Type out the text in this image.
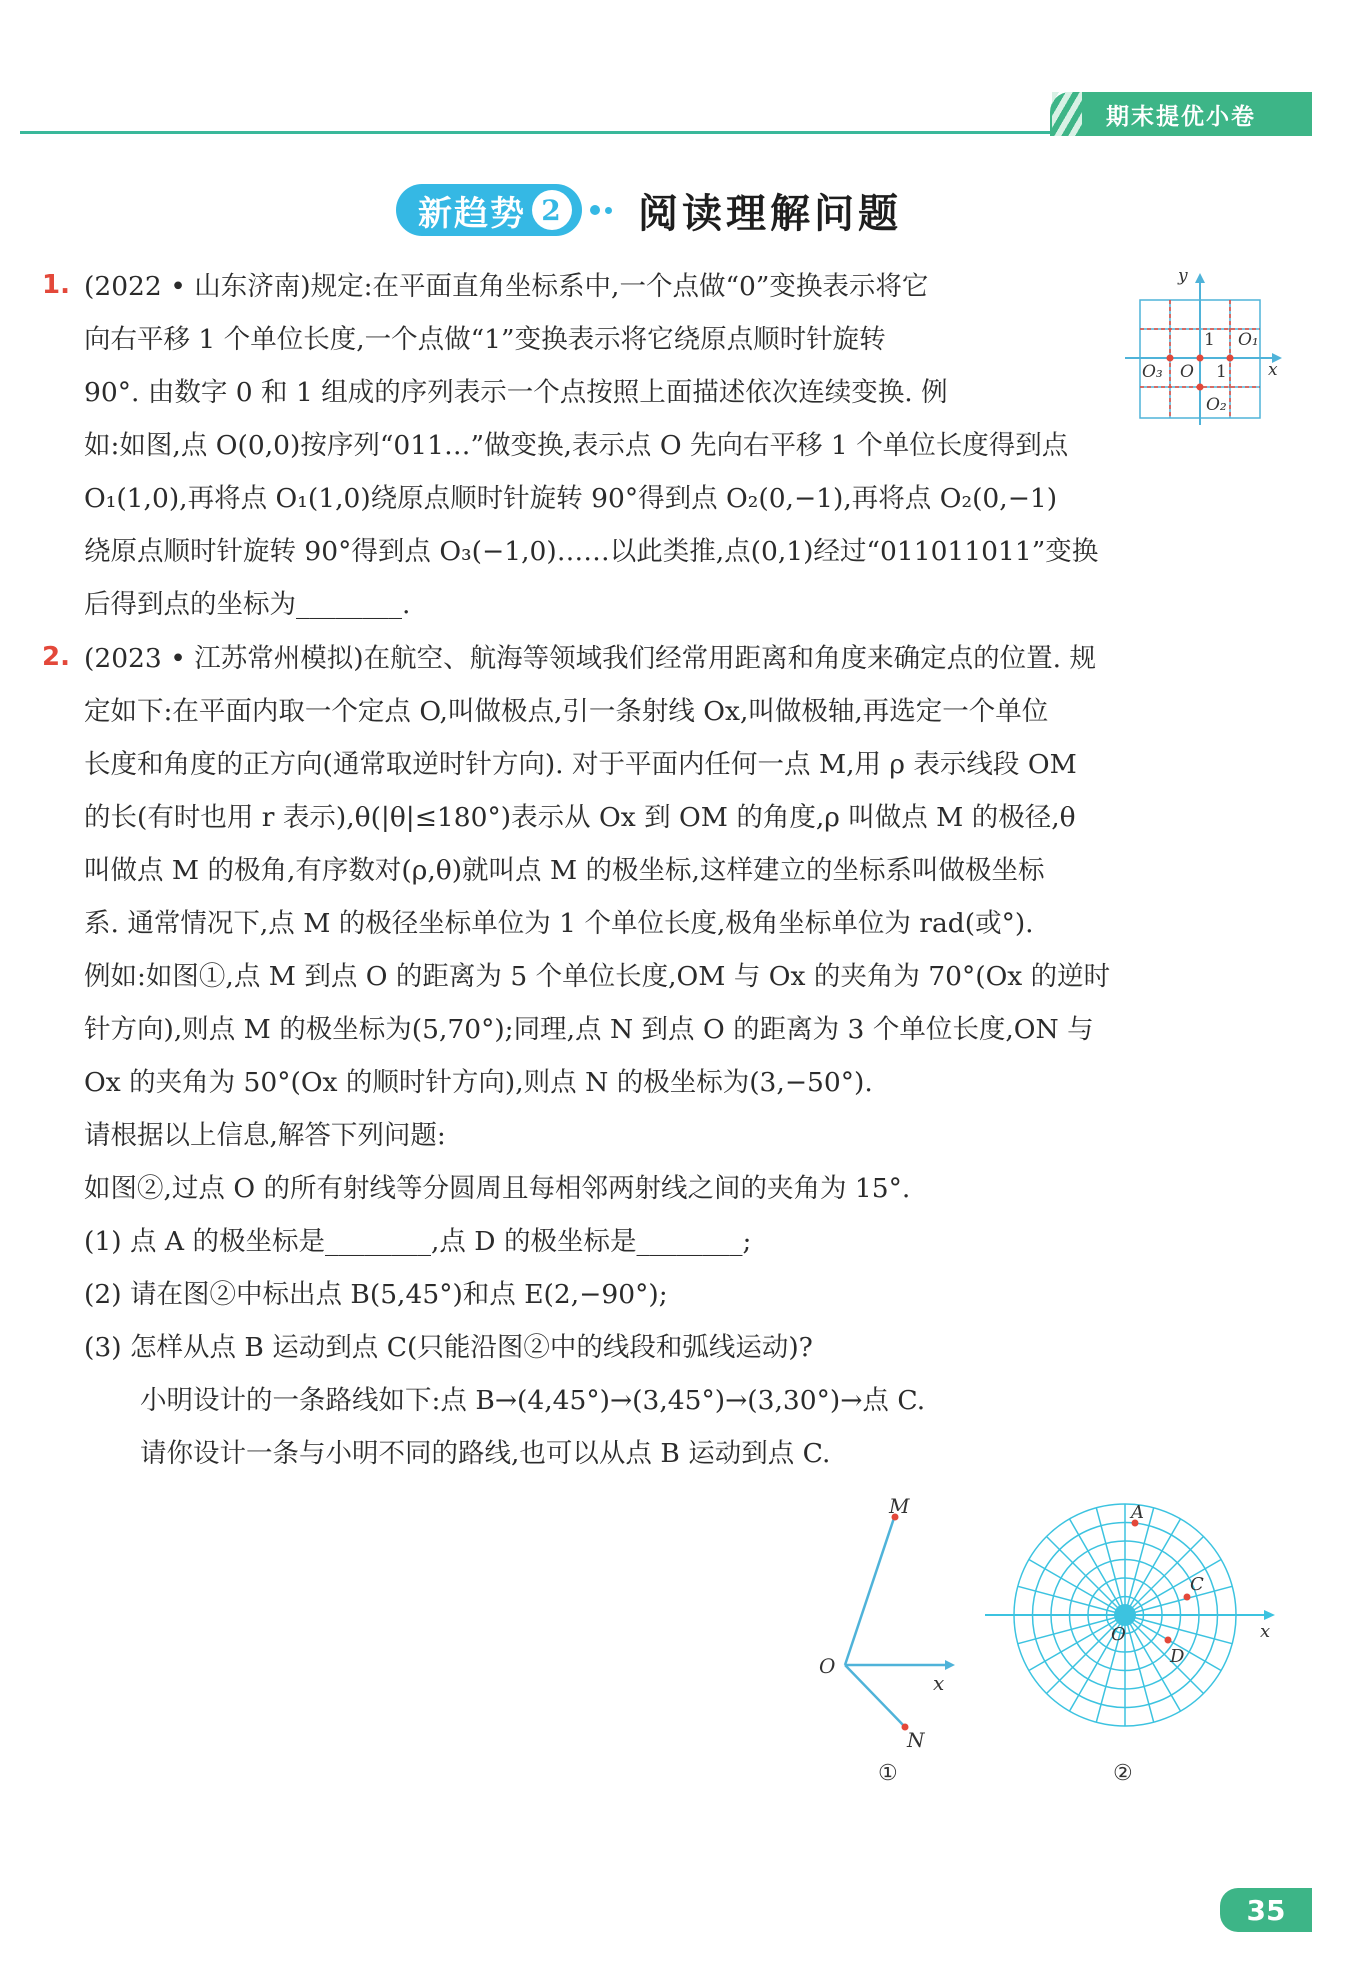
期末提优小卷
新趋势 2 阅读理解问题
1. (2022 • 山东济南)规定:在平面直角坐标系中,一个点做“0”变换表示将它
向右平移 1 个单位长度,一个点做“1”变换表示将它绕原点顺时针旋转
90°. 由数字 0 和 1 组成的序列表示一个点按照上面描述依次连续变换. 例
如:如图,点 O(0,0)按序列“011…”做变换,表示点 O 先向右平移 1 个单位长度得到点
O₁(1,0),再将点 O₁(1,0)绕原点顺时针旋转 90°得到点 O₂(0,−1),再将点 O₂(0,−1)
绕原点顺时针旋转 90°得到点 O₃(−1,0)……以此类推,点(0,1)经过“011011011”变换
后得到点的坐标为________.
y
x
O
O₁
O₂
O₃
1
1
2. (2023 • 江苏常州模拟)在航空、航海等领域我们经常用距离和角度来确定点的位置. 规
定如下:在平面内取一个定点 O,叫做极点,引一条射线 Ox,叫做极轴,再选定一个单位
长度和角度的正方向(通常取逆时针方向). 对于平面内任何一点 M,用 ρ 表示线段 OM
的长(有时也用 r 表示),θ(|θ|≤180°)表示从 Ox 到 OM 的角度,ρ 叫做点 M 的极径,θ
叫做点 M 的极角,有序数对(ρ,θ)就叫点 M 的极坐标,这样建立的坐标系叫做极坐标
系. 通常情况下,点 M 的极径坐标单位为 1 个单位长度,极角坐标单位为 rad(或°).
例如:如图①,点 M 到点 O 的距离为 5 个单位长度,OM 与 Ox 的夹角为 70°(Ox 的逆时
针方向),则点 M 的极坐标为(5,70°);同理,点 N 到点 O 的距离为 3 个单位长度,ON 与
Ox 的夹角为 50°(Ox 的顺时针方向),则点 N 的极坐标为(3,−50°).
请根据以上信息,解答下列问题:
如图②,过点 O 的所有射线等分圆周且每相邻两射线之间的夹角为 15°.
(1) 点 A 的极坐标是________,点 D 的极坐标是________;
(2) 请在图②中标出点 B(5,45°)和点 E(2,−90°);
(3) 怎样从点 B 运动到点 C(只能沿图②中的线段和弧线运动)?
小明设计的一条路线如下:点 B→(4,45°)→(3,45°)→(3,30°)→点 C.
请你设计一条与小明不同的路线,也可以从点 B 运动到点 C.
M
O
x
N
①
A
C
D
O	x
②
35
